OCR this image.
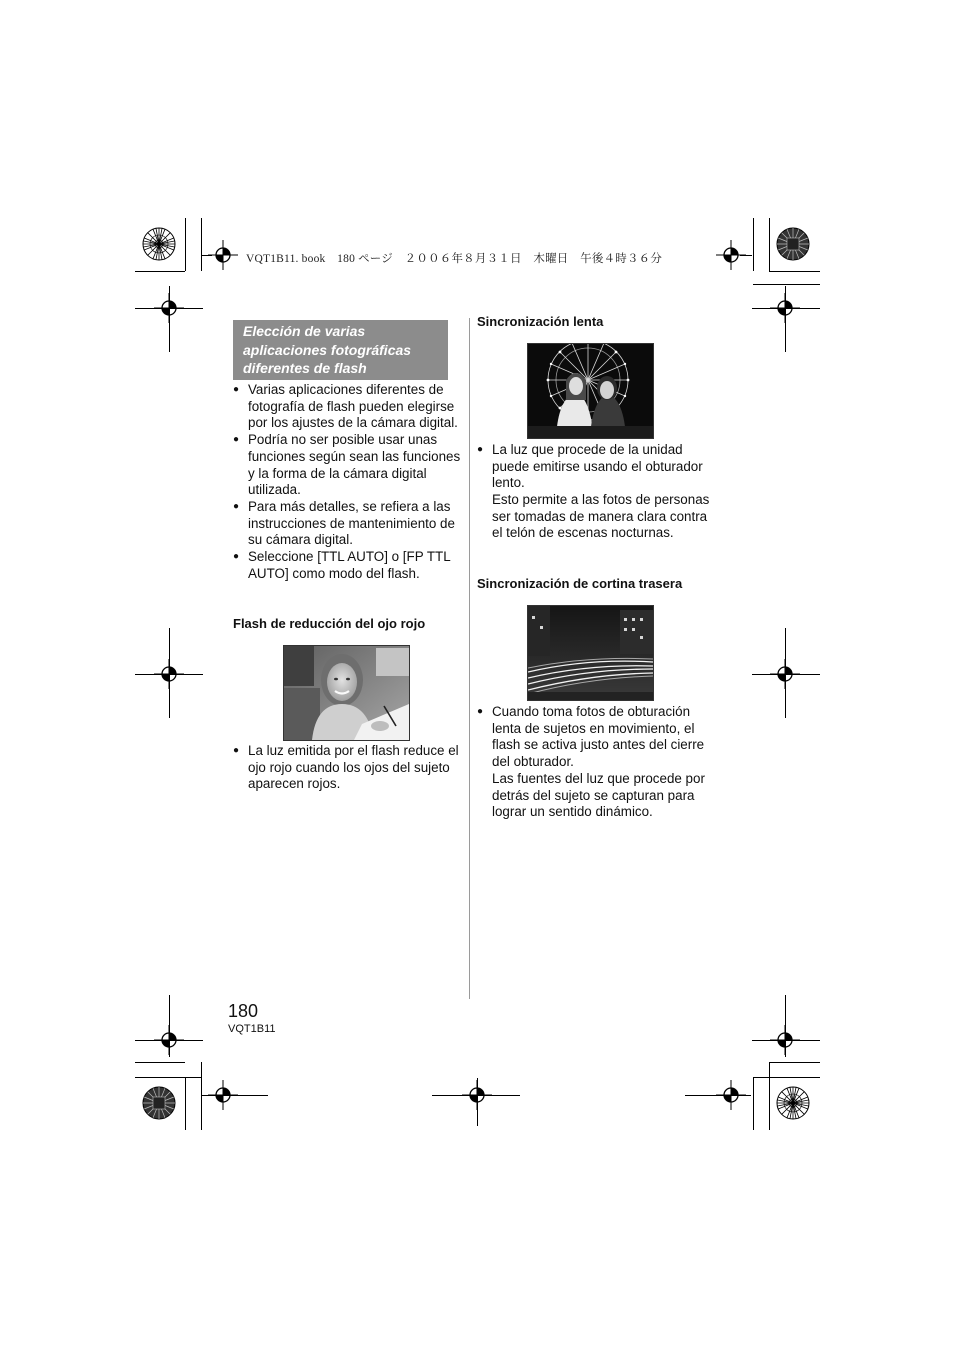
VQT1B11. book　180 ページ　２００６年８月３１日　木曜日　午後４時３６分
Elección de varias aplicaciones fotográficas diferentes de flash
● Varias aplicaciones diferentes de fotografía de flash pueden elegirse por los ajustes de la cámara digital.
● Podría no ser posible usar unas funciones según sean las funciones y la forma de la cámara digital utilizada.
● Para más detalles, se refiera a las instrucciones de mantenimiento de su cámara digital.
● Seleccione [TTL AUTO] o [FP TTL AUTO] como modo del flash.
Flash de reducción del ojo rojo
● La luz emitida por el flash reduce el ojo rojo cuando los ojos del sujeto aparecen rojos.
Sincronización lenta
● La luz que procede de la unidad puede emitirse usando el obturador lento.
Esto permite a las fotos de personas ser tomadas de manera clara contra el telón de escenas nocturnas.
Sincronización de cortina trasera
● Cuando toma fotos de obturación lenta de sujetos en movimiento, el flash se activa justo antes del cierre del obturador.
Las fuentes del luz que procede por detrás del sujeto se capturan para lograr un sentido dinámico.
180
VQT1B11
